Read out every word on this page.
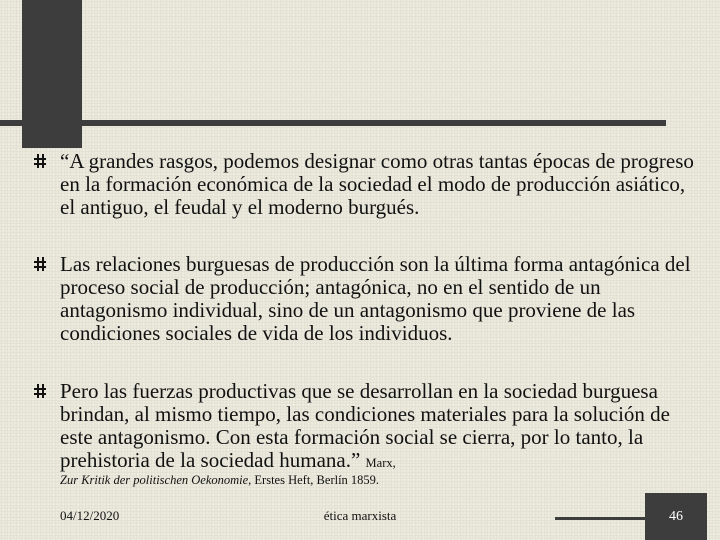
“A grandes rasgos, podemos designar como otras tantas épocas de progreso en la formación económica de la sociedad el modo de producción asiático, el antiguo, el feudal y el moderno burgués.

Las relaciones burguesas de producción son la última forma antagónica del proceso social de producción; antagónica, no en el sentido de un antagonismo individual, sino de un antagonismo que proviene de las condiciones sociales de vida de los individuos.

Pero las fuerzas productivas que se desarrollan en la sociedad burguesa brindan, al mismo tiempo, las condiciones materiales para la solución de este antagonismo. Con esta formación social se cierra, por lo tanto, la prehistoria de la sociedad humana.” Marx,

Zur Kritik der politischen Oekonomie, Erstes Heft, Berlín 1859.
04/12/2020	ética marxista	46
